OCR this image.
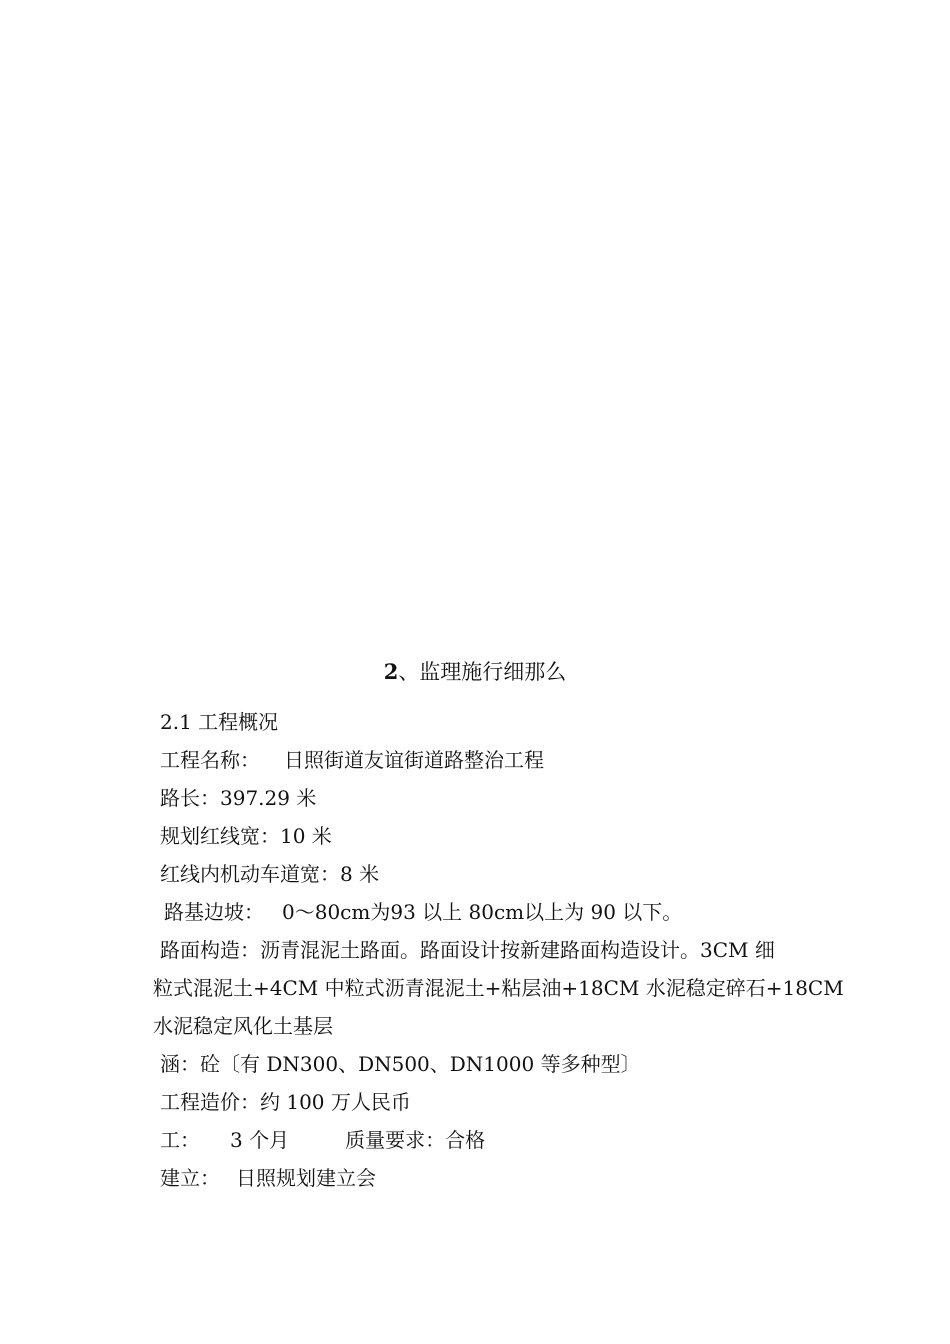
2、监理施行细那么
2.1 工程概况
工程名称： 日照街道友谊街道路整治工程
路长：397.29 米
规划红线宽：10 米
红线内机动车道宽：8 米
路基边坡： 0～80cm为93 以上 80cm以上为 90 以下。
路面构造：沥青混泥土路面。路面设计按新建路面构造设计。3CM 细
粒式混泥土+4CM 中粒式沥青混泥土+粘层油+18CM 水泥稳定碎石+18CM
水泥稳定风化土基层
涵：砼〔有 DN300、DN500、DN1000 等多种型〕
工程造价：约 100 万人民币
工： 3 个月	质量要求：合格
建立： 日照规划建立会
